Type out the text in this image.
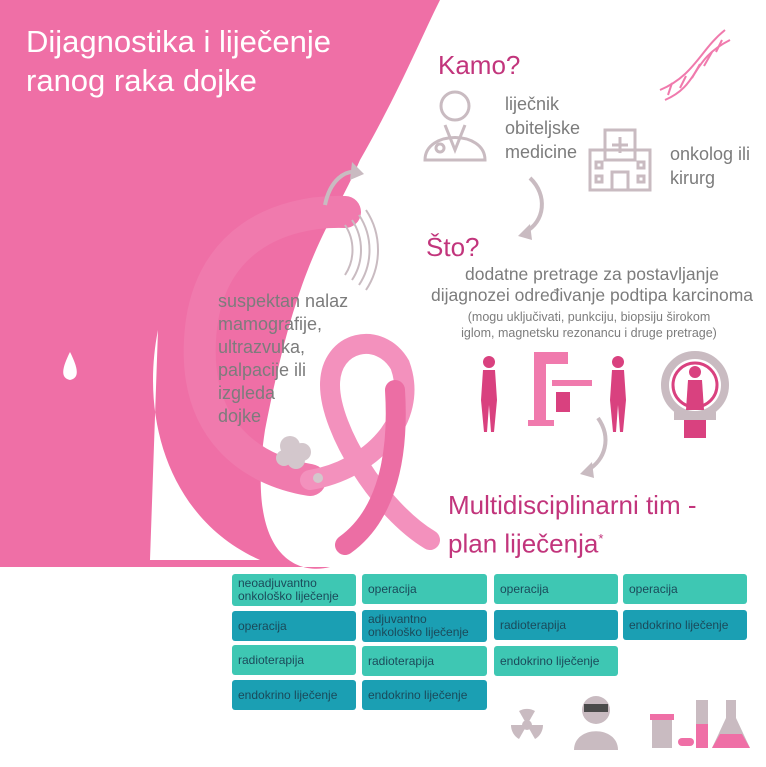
Dijagnostika i liječenje
ranog raka dojke	Kamo?
liječnik
obiteljske
medicine	onkolog ili
kirurg
suspektan nalaz
mamografije,
ultrazvuka,
palpacije ili
izgleda
dojke
Što?
dodatne pretrage za postavljanje
dijagnozei određivanje podtipa karcinoma
(mogu uključivati, punkciju, biopsiju širokom
iglom, magnetsku rezonancu i druge pretrage)
Multidisciplinarni tim -
plan liječenja*
*Podtipovi raka dojke se razlikuju, pa se i njihovo liječenje razlikuje. Slika prikazuje hodogram liječenja najčešćeg, hormonski ovisnog HER2 negativnog raka dojke. Osim prema podtipu, liječenje se razlikuje ovisno o proširenosti bolesti, invazivnosti i drugim parametrima. Plan liječenja donosi multidisciplinarni tim, a konačnu odluku o prihvaćanju liječenja donosi pacijentica. Tako će kod nekih bolesnica prvo uslijediti neoadjuvantno liječenje, a kod nekih operacija.
neoadjuvantno onkološko liječenje
operacija
radioterapija
endokrino liječenje
operacija
adjuvantno onkološko liječenje
radioterapija
endokrino liječenje
operacija
radioterapija
endokrino liječenje
operacija
endokrino liječenje
